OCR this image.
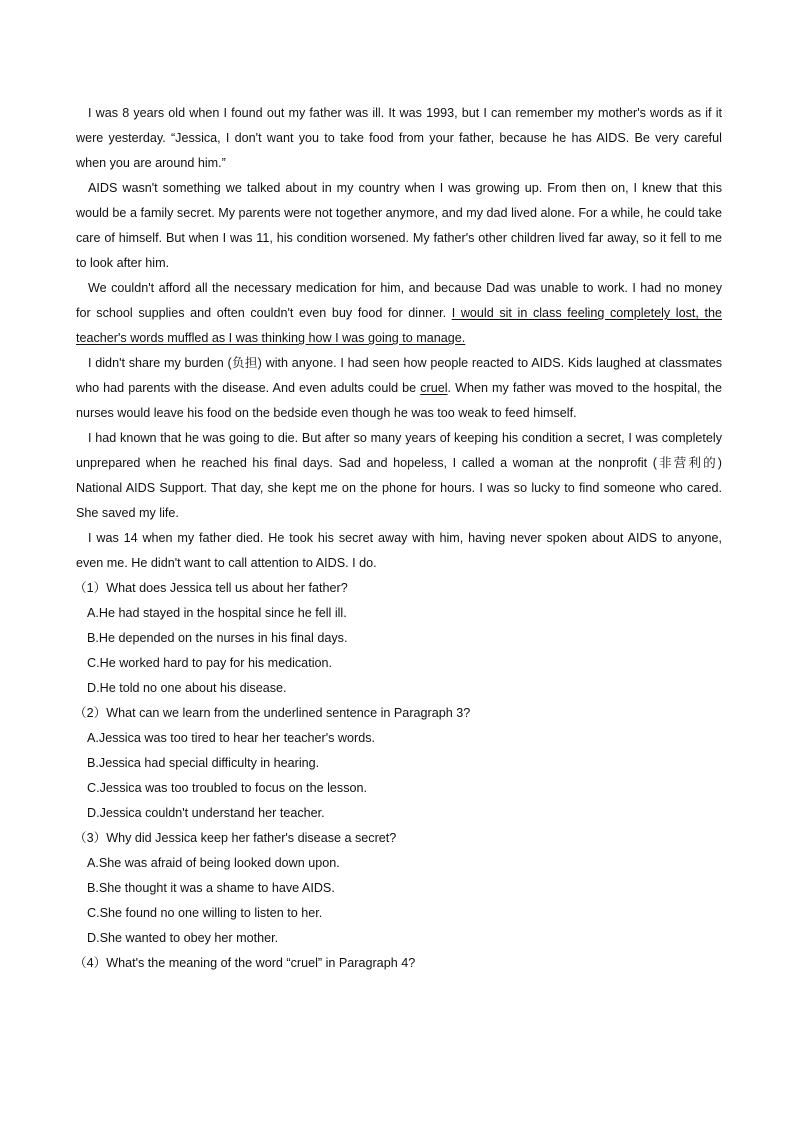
I was 8 years old when I found out my father was ill. It was 1993, but I can remember my mother's words as if it were yesterday. “Jessica, I don't want you to take food from your father, because he has AIDS. Be very careful when you are around him.”

AIDS wasn't something we talked about in my country when I was growing up. From then on, I knew that this would be a family secret. My parents were not together anymore, and my dad lived alone. For a while, he could take care of himself. But when I was 11, his condition worsened. My father's other children lived far away, so it fell to me to look after him.

We couldn't afford all the necessary medication for him, and because Dad was unable to work. I had no money for school supplies and often couldn't even buy food for dinner. I would sit in class feeling completely lost, the teacher's words muffled as I was thinking how I was going to manage.

I didn't share my burden (负担) with anyone. I had seen how people reacted to AIDS. Kids laughed at classmates who had parents with the disease. And even adults could be cruel. When my father was moved to the hospital, the nurses would leave his food on the bedside even though he was too weak to feed himself.

I had known that he was going to die. But after so many years of keeping his condition a secret, I was completely unprepared when he reached his final days. Sad and hopeless, I called a woman at the nonprofit (非营利的) National AIDS Support. That day, she kept me on the phone for hours. I was so lucky to find someone who cared. She saved my life.

I was 14 when my father died. He took his secret away with him, having never spoken about AIDS to anyone, even me. He didn't want to call attention to AIDS. I do.

（1）What does Jessica tell us about her father?
A.He had stayed in the hospital since he fell ill.
B.He depended on the nurses in his final days.
C.He worked hard to pay for his medication.
D.He told no one about his disease.
（2）What can we learn from the underlined sentence in Paragraph 3?
A.Jessica was too tired to hear her teacher's words.
B.Jessica had special difficulty in hearing.
C.Jessica was too troubled to focus on the lesson.
D.Jessica couldn't understand her teacher.
（3）Why did Jessica keep her father's disease a secret?
A.She was afraid of being looked down upon.
B.She thought it was a shame to have AIDS.
C.She found no one willing to listen to her.
D.She wanted to obey her mother.
（4）What's the meaning of the word “cruel” in Paragraph 4?
